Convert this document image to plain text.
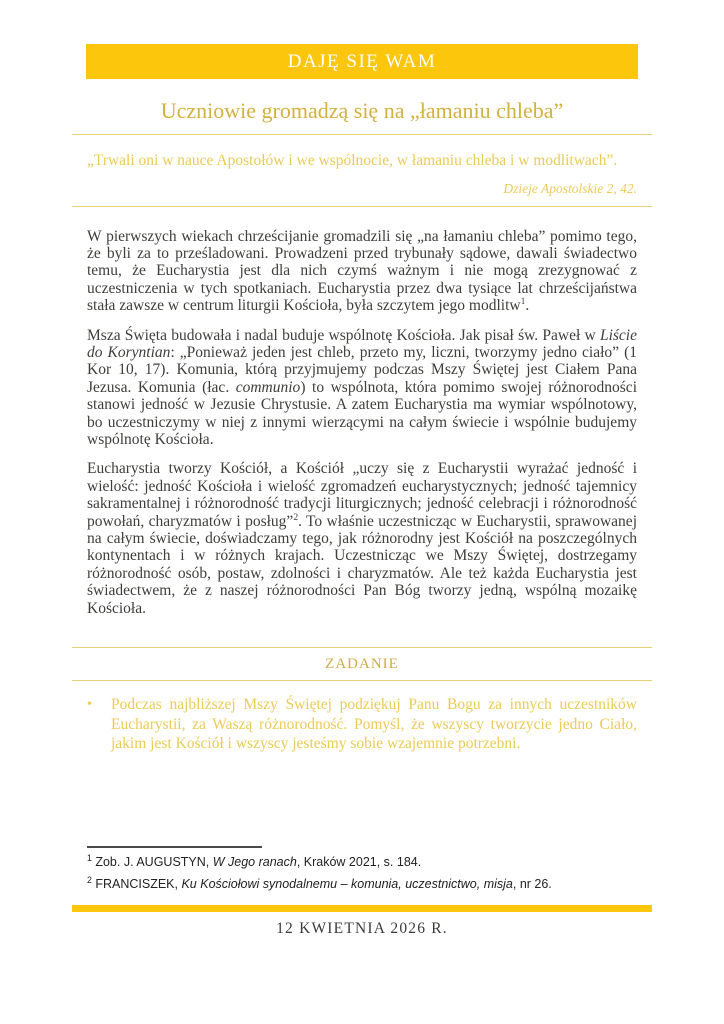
DAJĘ SIĘ WAM
Uczniowie gromadzą się na „łamaniu chleba”

„Trwali oni w nauce Apostołów i we wspólnocie, w łamaniu chleba i w modlitwach”.

Dzieje Apostolskie 2, 42.

W pierwszych wiekach chrześcijanie gromadzili się „na łamaniu chleba” pomimo tego, że byli za to prześladowani. Prowadzeni przed trybunały sądowe, dawali świadectwo temu, że Eucharystia jest dla nich czymś ważnym i nie mogą zrezygnować z uczestniczenia w tych spotkaniach. Eucharystia przez dwa tysiące lat chrześcijaństwa stała zawsze w centrum liturgii Kościoła, była szczytem jego modlitw$^1$.

Msza Święta budowała i nadal buduje wspólnotę Kościoła. Jak pisał św. Paweł w Liście do Koryntian: „Ponieważ jeden jest chleb, przeto my, liczni, tworzymy jedno ciało” (1 Kor 10, 17). Komunia, którą przyjmujemy podczas Mszy Świętej jest Ciałem Pana Jezusa. Komunia (łac. communio) to wspólnota, która pomimo swojej różnorodności stanowi jedność w Jezusie Chrystusie. A zatem Eucharystia ma wymiar wspólnotowy, bo uczestniczymy w niej z innymi wierzącymi na całym świecie i wspólnie budujemy wspólnotę Kościoła.

Eucharystia tworzy Kościół, a Kościół „uczy się z Eucharystii wyrażać jedność i wielość: jedność Kościoła i wielość zgromadzeń eucharystycznych; jedność tajemnicy sakramentalnej i różnorodność tradycji liturgicznych; jedność celebracji i różnorodność powołań, charyzmatów i posług”$^2$. To właśnie uczestnicząc w Eucharystii, sprawowanej na całym świecie, doświadczamy tego, jak różnorodny jest Kościół na poszczególnych kontynentach i w różnych krajach. Uczestnicząc we Mszy Świętej, dostrzegamy różnorodność osób, postaw, zdolności i charyzmatów. Ale też każda Eucharystia jest świadectwem, że z naszej różnorodności Pan Bóg tworzy jedną, wspólną mozaikę Kościoła.

ZADANIE
•	Podczas najbliższej Mszy Świętej podziękuj Panu Bogu za innych uczestników Eucharystii, za Waszą różnorodność. Pomyśl, że wszyscy tworzycie jedno Ciało, jakim jest Kościół i wszyscy jesteśmy sobie wzajemnie potrzebni.

$^1$ Zob. J. AUGUSTYN, W Jego ranach, Kraków 2021, s. 184.

$^2$ FRANCISZEK, Ku Kościołowi synodalnemu – komunia, uczestnictwo, misja, nr 26.

12 KWIETNIA 2026 R.
